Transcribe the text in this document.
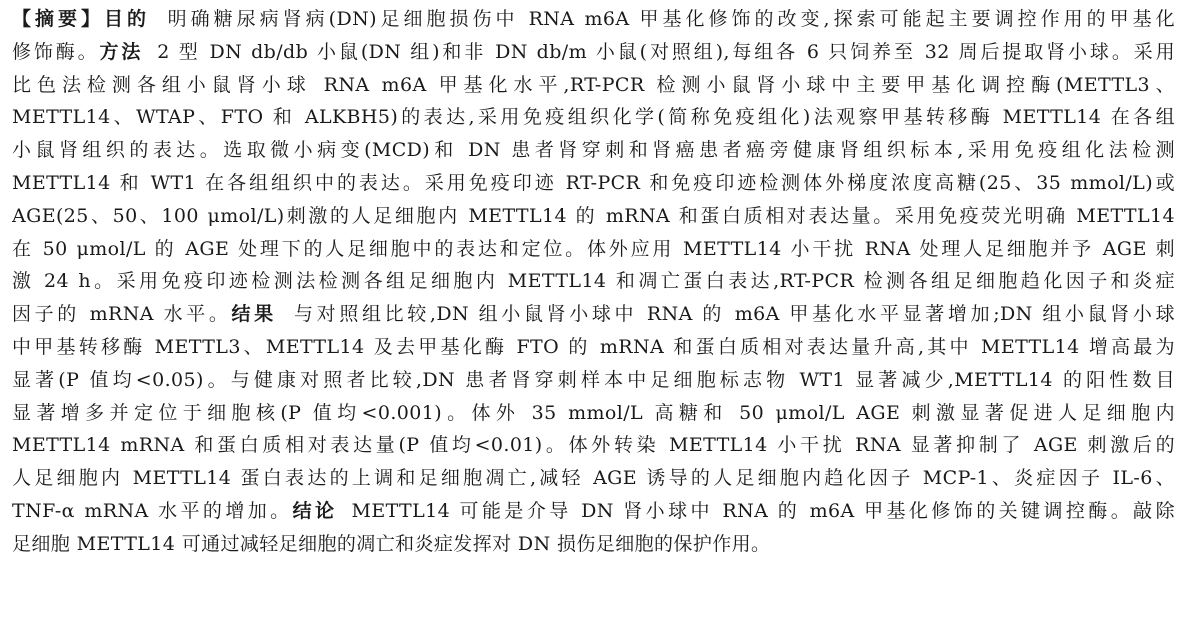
【摘要】目的 明确糖尿病肾病(DN)足细胞损伤中 RNA m6A 甲基化修饰的改变,探索可能起主要调控作用的甲基化
修饰酶。方法 2 型 DN db/db 小鼠(DN 组)和非 DN db/m 小鼠(对照组),每组各 6 只饲养至 32 周后提取肾小球。采用
比色法检测各组小鼠肾小球 RNA m6A 甲基化水平,RT-PCR 检测小鼠肾小球中主要甲基化调控酶(METTL3、
METTL14、WTAP、FTO 和 ALKBH5)的表达,采用免疫组织化学(简称免疫组化)法观察甲基转移酶 METTL14 在各组
小鼠肾组织的表达。选取微小病变(MCD)和 DN 患者肾穿刺和肾癌患者癌旁健康肾组织标本,采用免疫组化法检测
METTL14 和 WT1 在各组组织中的表达。采用免疫印迹 RT-PCR 和免疫印迹检测体外梯度浓度高糖(25、35 mmol/L)或
AGE(25、50、100 μmol/L)刺激的人足细胞内 METTL14 的 mRNA 和蛋白质相对表达量。采用免疫荧光明确 METTL14
在 50 μmol/L 的 AGE 处理下的人足细胞中的表达和定位。体外应用 METTL14 小干扰 RNA 处理人足细胞并予 AGE 刺
激 24 h。采用免疫印迹检测法检测各组足细胞内 METTL14 和凋亡蛋白表达,RT-PCR 检测各组足细胞趋化因子和炎症
因子的 mRNA 水平。结果 与对照组比较,DN 组小鼠肾小球中 RNA 的 m6A 甲基化水平显著增加;DN 组小鼠肾小球
中甲基转移酶 METTL3、METTL14 及去甲基化酶 FTO 的 mRNA 和蛋白质相对表达量升高,其中 METTL14 增高最为
显著(P 值均<0.05)。与健康对照者比较,DN 患者肾穿刺样本中足细胞标志物 WT1 显著减少,METTL14 的阳性数目
显著增多并定位于细胞核(P 值均<0.001)。体外 35 mmol/L 高糖和 50 μmol/L AGE 刺激显著促进人足细胞内
METTL14 mRNA 和蛋白质相对表达量(P 值均<0.01)。体外转染 METTL14 小干扰 RNA 显著抑制了 AGE 刺激后的
人足细胞内 METTL14 蛋白表达的上调和足细胞凋亡,减轻 AGE 诱导的人足细胞内趋化因子 MCP-1、炎症因子 IL-6、
TNF-α mRNA 水平的增加。结论 METTL14 可能是介导 DN 肾小球中 RNA 的 m6A 甲基化修饰的关键调控酶。敲除
足细胞 METTL14 可通过减轻足细胞的凋亡和炎症发挥对 DN 损伤足细胞的保护作用。
